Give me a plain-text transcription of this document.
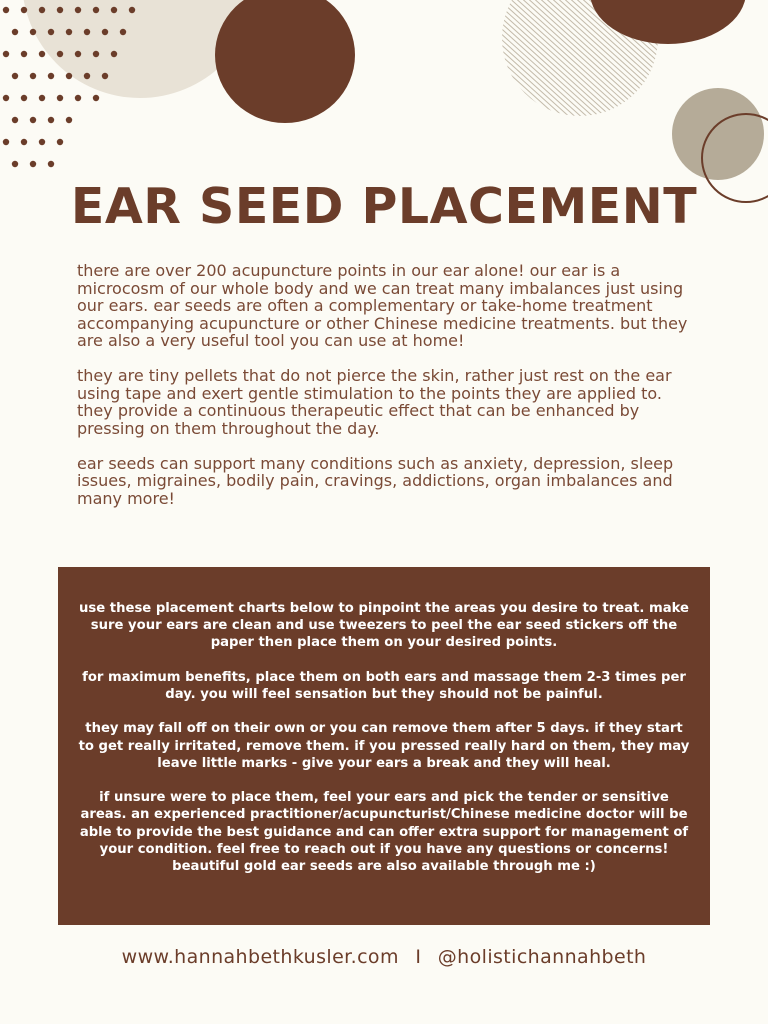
EAR SEED PLACEMENT

there are over 200 acupuncture points in our ear alone! our ear is a microcosm of our whole body and we can treat many imbalances just using our ears. ear seeds are often a complementary or take-home treatment accompanying acupuncture or other Chinese medicine treatments. but they are also a very useful tool you can use at home!

they are tiny pellets that do not pierce the skin, rather just rest on the ear using tape and exert gentle stimulation to the points they are applied to. they provide a continuous therapeutic effect that can be enhanced by pressing on them throughout the day.

ear seeds can support many conditions such as anxiety, depression, sleep issues, migraines, bodily pain, cravings, addictions, organ imbalances and many more!

use these placement charts below to pinpoint the areas you desire to treat. make sure your ears are clean and use tweezers to peel the ear seed stickers off the paper then place them on your desired points.

for maximum benefits, place them on both ears and massage them 2-3 times per day. you will feel sensation but they should not be painful.

they may fall off on their own or you can remove them after 5 days. if they start to get really irritated, remove them. if you pressed really hard on them, they may leave little marks - give your ears a break and they will heal.

if unsure were to place them, feel your ears and pick the tender or sensitive areas. an experienced practitioner/acupuncturist/Chinese medicine doctor will be able to provide the best guidance and can offer extra support for management of your condition. feel free to reach out if you have any questions or concerns! beautiful gold ear seeds are also available through me :)

www.hannahbethkusler.com I @holistichannahbeth
